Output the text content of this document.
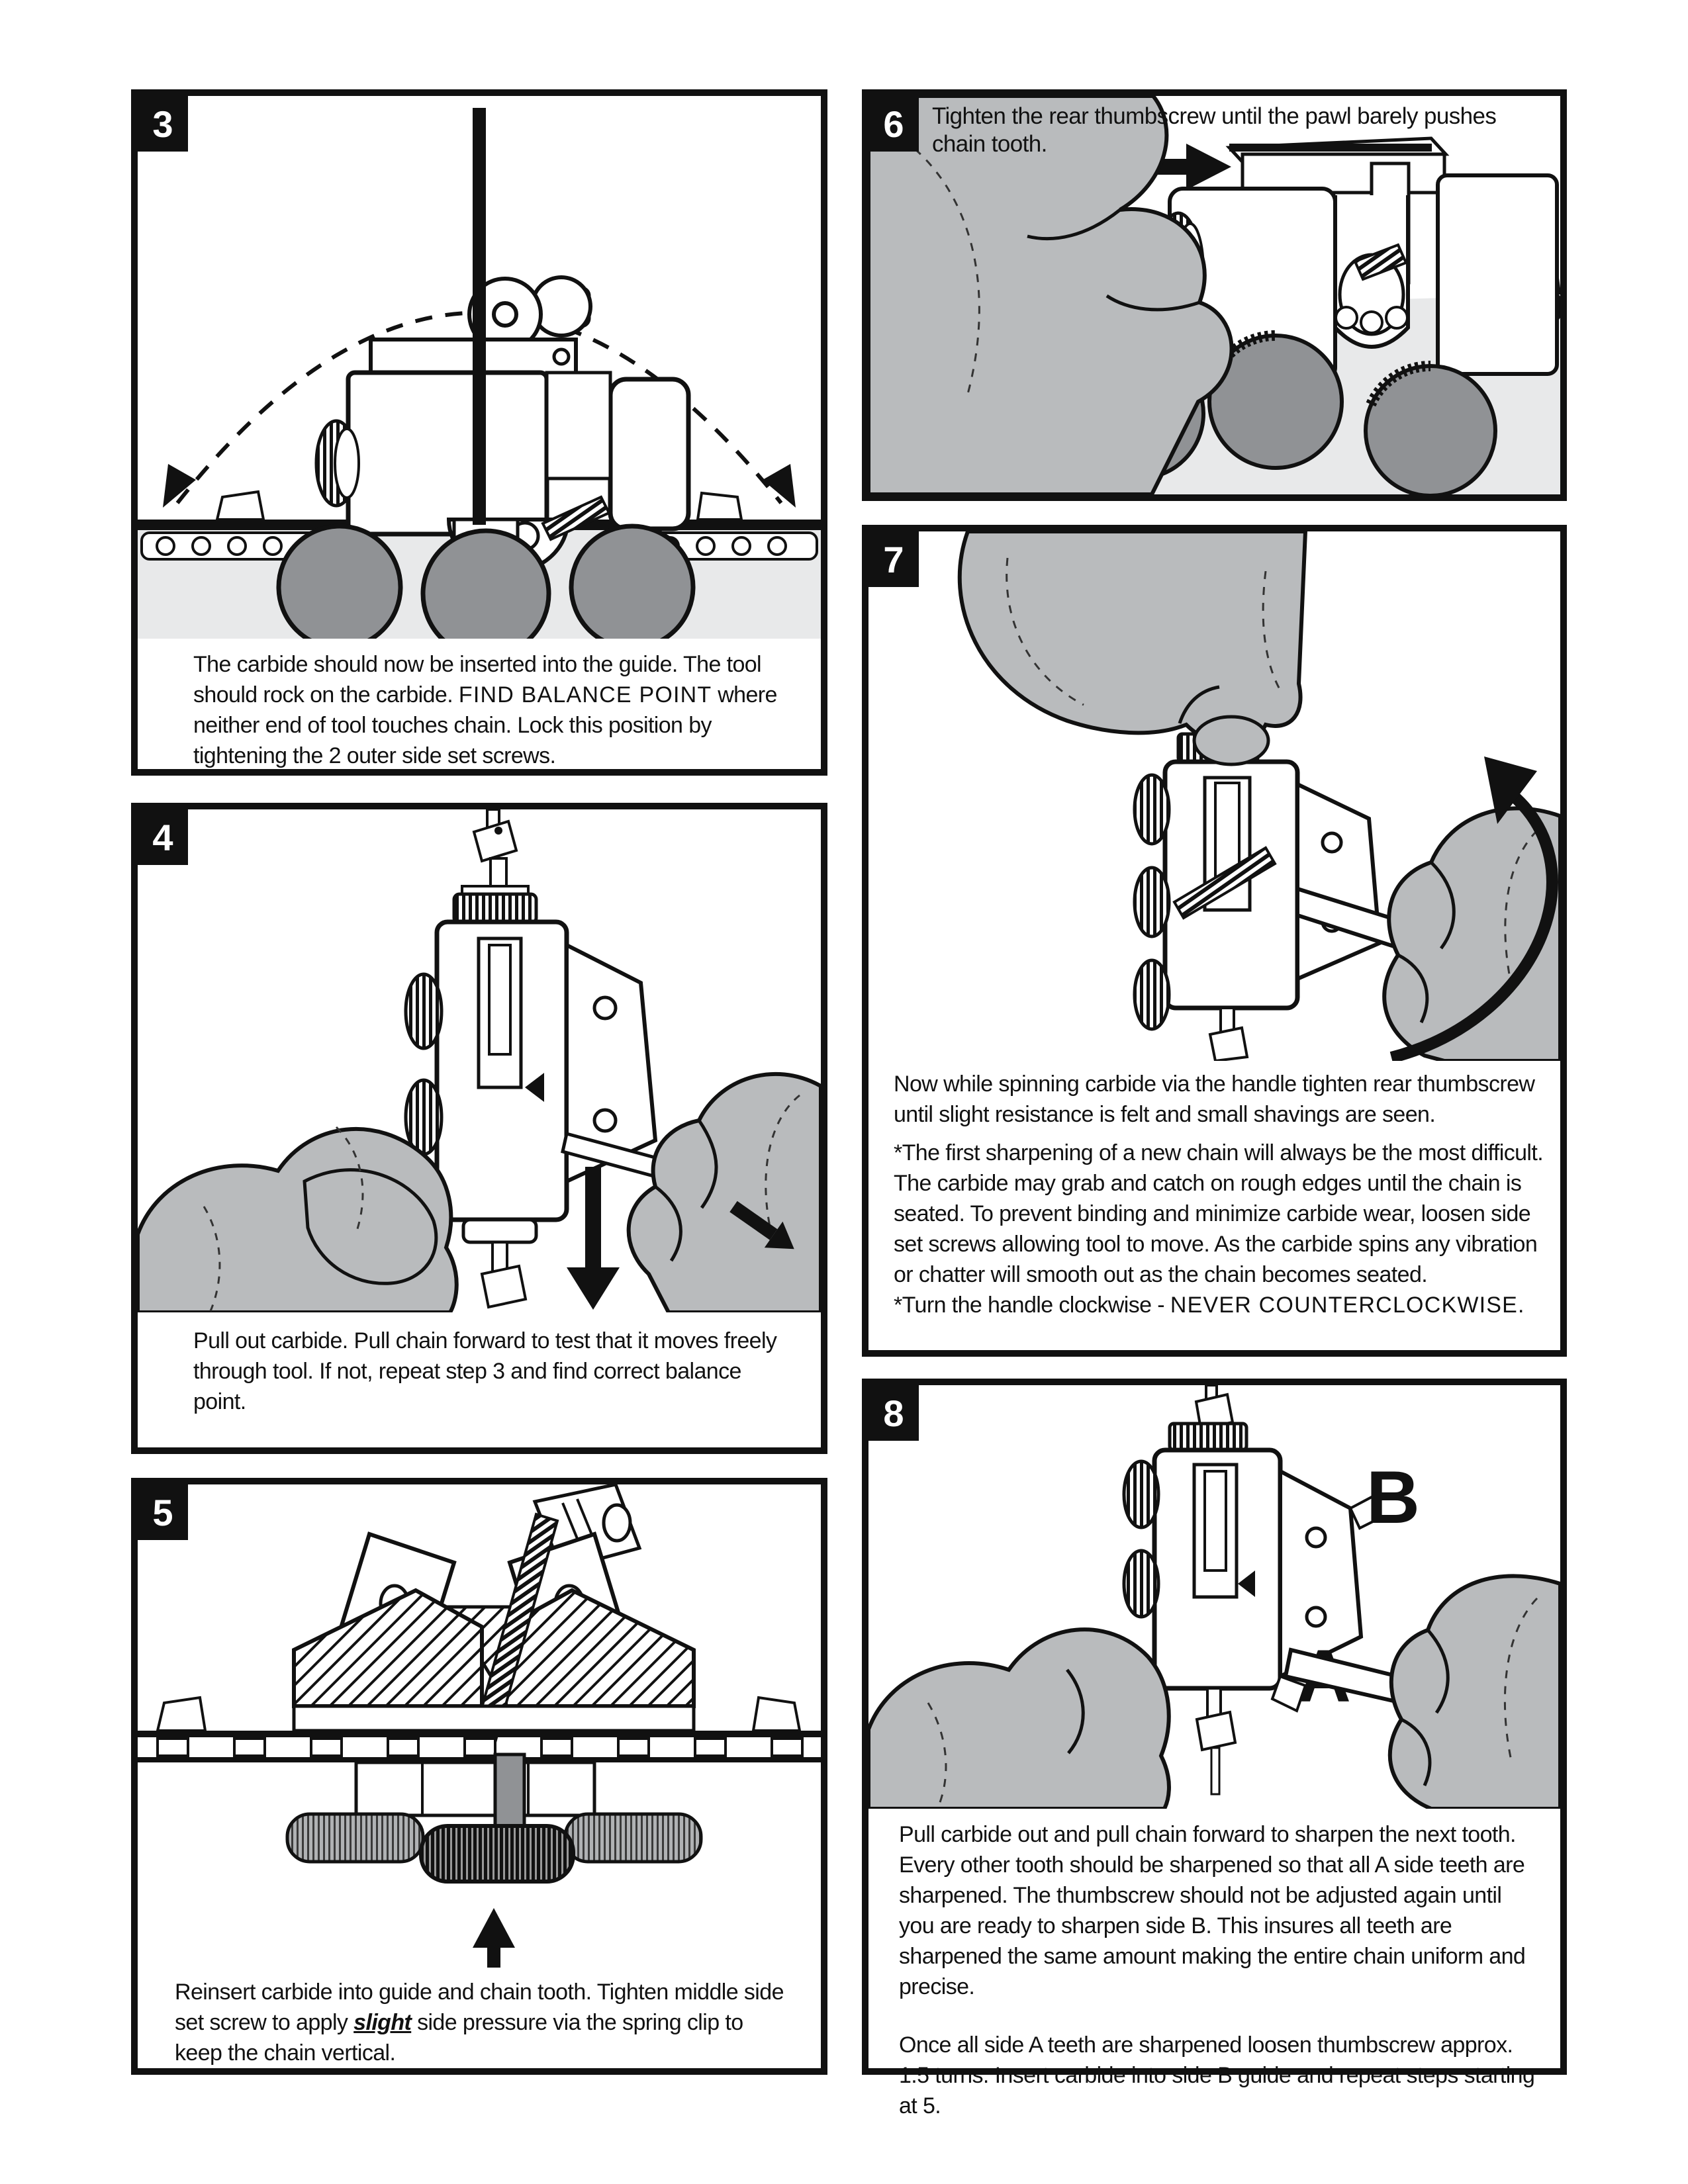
3
The carbide should now be inserted into the guide. The tool should rock on the carbide. FIND BALANCE POINT where neither end of tool touches chain. Lock this position by tightening the 2 outer side set screws.
4
Pull out carbide. Pull chain forward to test that it moves freely through tool. If not, repeat step 3 and find correct balance point.
5
Reinsert carbide into guide and chain tooth. Tighten middle side set screw to apply slight side pressure via the spring clip to keep the chain vertical.
6 Tighten the rear thumbscrew until the pawl barely pushes chain tooth.
7
Now while spinning carbide via the handle tighten rear thumbscrew until slight resistance is felt and small shavings are seen.
*The first sharpening of a new chain will always be the most difficult. The carbide may grab and catch on rough edges until the chain is seated. To prevent binding and minimize carbide wear, loosen side set screws allowing tool to move. As the carbide spins any vibration or chatter will smooth out as the chain becomes seated.
*Turn the handle clockwise - NEVER COUNTERCLOCKWISE.
8
B
Pull carbide out and pull chain forward to sharpen the next tooth. Every other tooth should be sharpened so that all A side teeth are sharpened. The thumbscrew should not be adjusted again until you are ready to sharpen side B. This insures all teeth are sharpened the same amount making the entire chain uniform and precise.
Once all side A teeth are sharpened loosen thumbscrew approx. 1.5 turns. Insert carbide into side B guide and repeat steps starting at 5.
